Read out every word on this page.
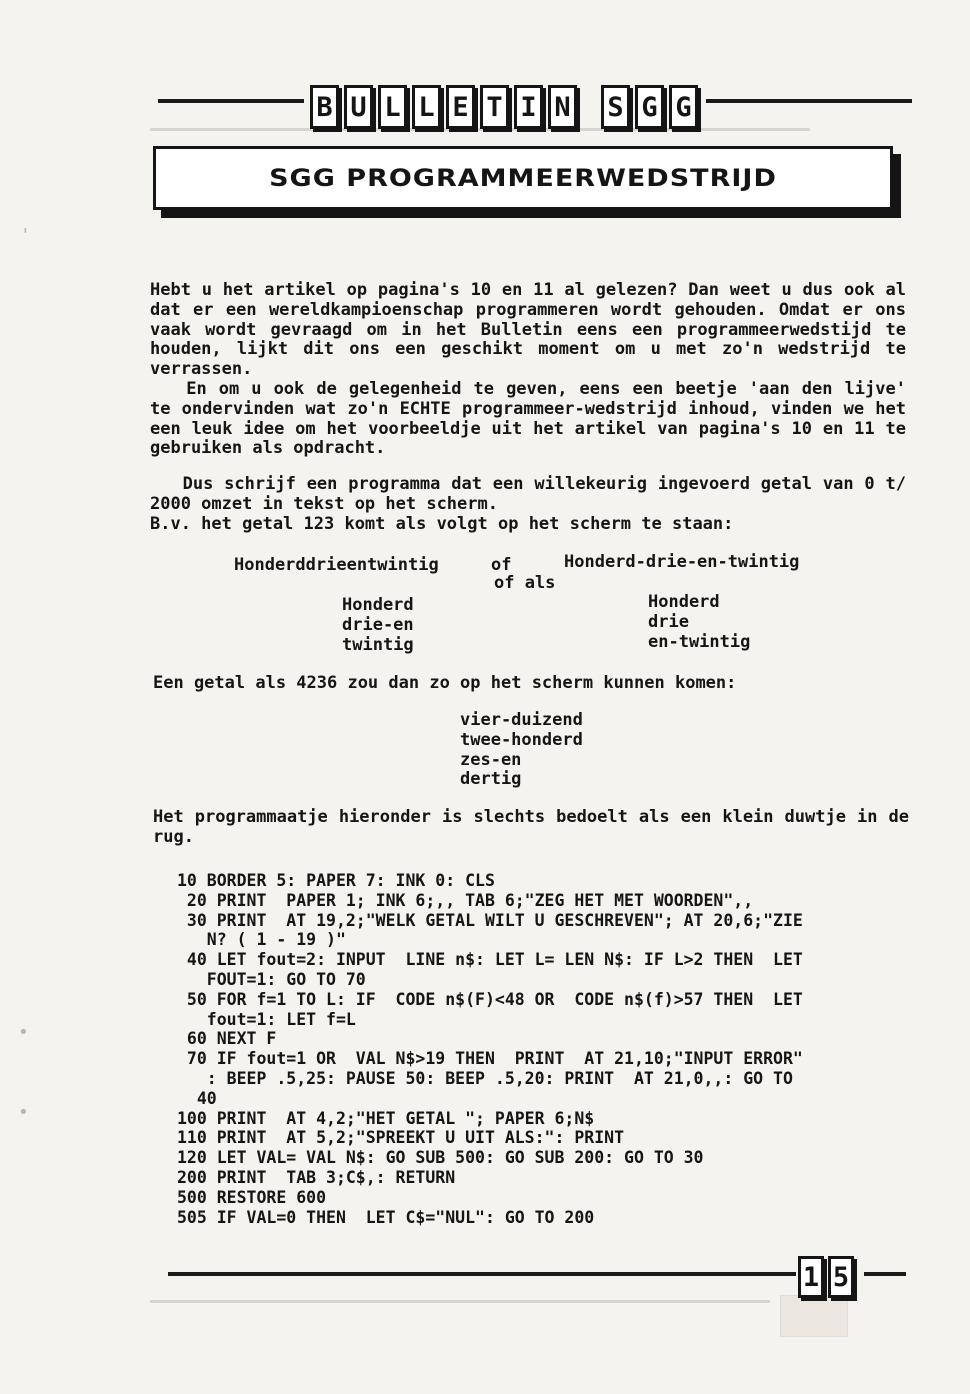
B U L L E T I N S G G
SGG PROGRAMMEERWEDSTRIJD

Hebt u het artikel op pagina's 10 en 11 al gelezen? Dan weet u dus ook al dat er een wereldkampioenschap programmeren wordt gehouden. Omdat er ons vaak wordt gevraagd om in het Bulletin eens een programmeerwedstijd te houden, lijkt dit ons een geschikt moment om u met zo'n wedstrijd te verrassen.
En om u ook de gelegenheid te geven, eens een beetje 'aan den lijve' te ondervinden wat zo'n ECHTE programmeer-wedstrijd inhoud, vinden we het een leuk idee om het voorbeeldje uit het artikel van pagina's 10 en 11 te gebruiken als opdracht.

Dus schrijf een programma dat een willekeurig ingevoerd getal van 0 t/ 2000 omzet in tekst op het scherm.
B.v. het getal 123 komt als volgt op het scherm te staan:

Honderddrieentwintig	of	Honderd-drie-en-twintig
of als
Honderd
drie-en
twintig
Honderd
drie
en-twintig
Een getal als 4236 zou dan zo op het scherm kunnen komen:
vier-duizend
twee-honderd
zes-en
dertig

Het programmaatje hieronder is slechts bedoelt als een klein duwtje in de rug.

10 BORDER 5: PAPER 7: INK 0: CLS
20 PRINT  PAPER 1; INK 6;,, TAB 6;"ZEG HET MET WOORDEN",,
30 PRINT  AT 19,2;"WELK GETAL WILT U GESCHREVEN"; AT 20,6;"ZIE
N? ( 1 - 19 )"
40 LET fout=2: INPUT  LINE n$: LET L= LEN N$: IF L>2 THEN  LET
FOUT=1: GO TO 70
50 FOR f=1 TO L: IF  CODE n$(F)<48 OR  CODE n$(f)>57 THEN  LET
fout=1: LET f=L
60 NEXT F
70 IF fout=1 OR  VAL N$>19 THEN  PRINT  AT 21,10;"INPUT ERROR"
: BEEP .5,25: PAUSE 50: BEEP .5,20: PRINT  AT 21,0,,: GO TO
40
100 PRINT  AT 4,2;"HET GETAL "; PAPER 6;N$
110 PRINT  AT 5,2;"SPREEKT U UIT ALS:": PRINT
120 LET VAL= VAL N$: GO SUB 500: GO SUB 200: GO TO 30
200 PRINT  TAB 3;C$,: RETURN
500 RESTORE 600
505 IF VAL=0 THEN  LET C$="NUL": GO TO 200
1 5
'
•
•
